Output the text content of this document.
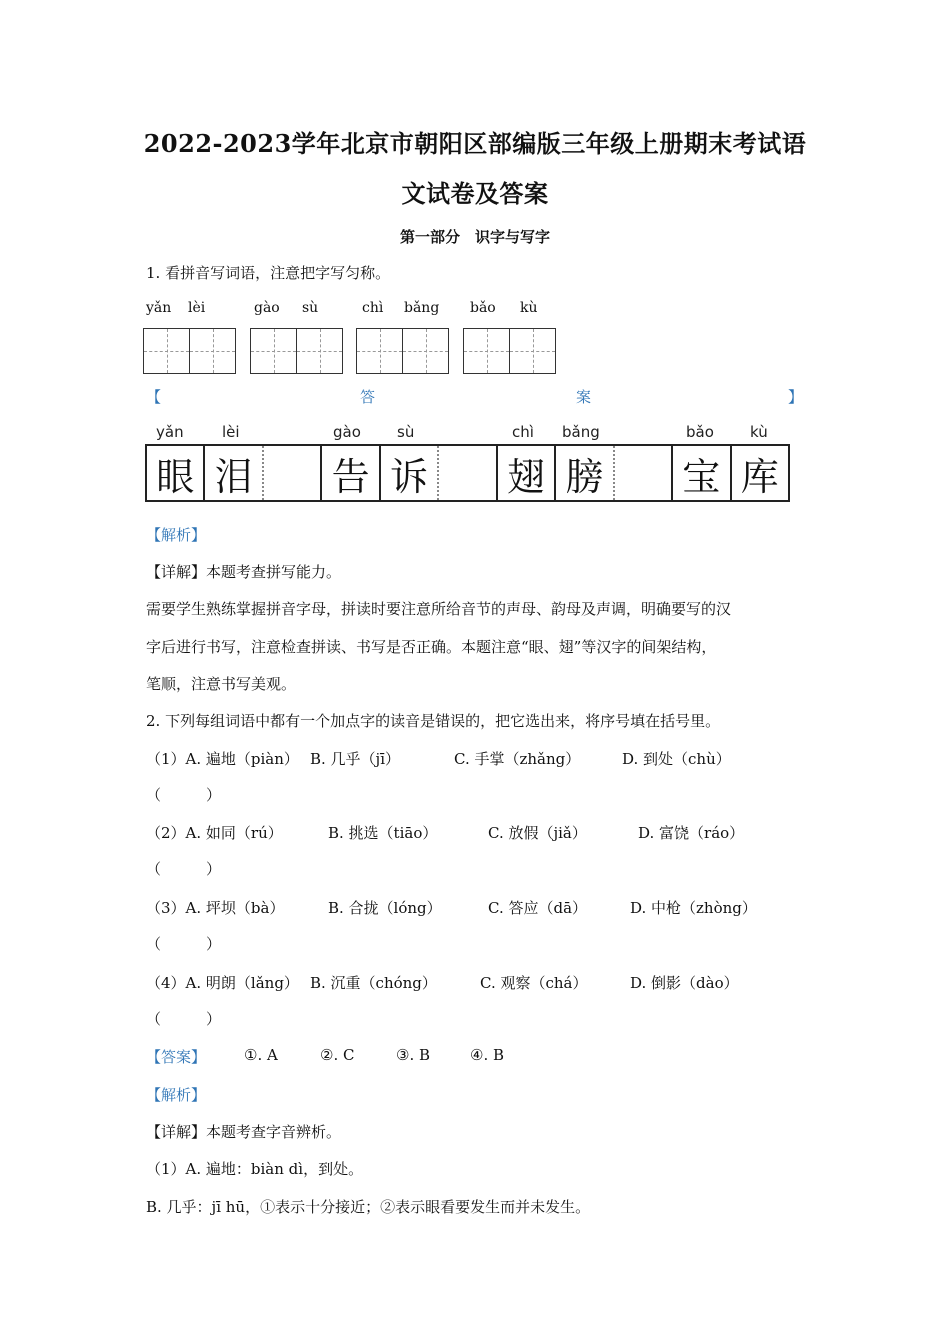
2022-2023学年北京市朝阳区部编版三年级上册期末考试语
文试卷及答案
第一部分　识字与写字
1. 看拼音写词语，注意把字写匀称。
yǎn lèi	gào sù	chì bǎng bǎo kù
【	答	案	】
yǎn	lèi	gào sù	chì bǎng	bǎo kù
眼 泪 告 诉 翅 膀 宝 库
【解析】
【详解】本题考查拼写能力。
需要学生熟练掌握拼音字母，拼读时要注意所给音节的声母、韵母及声调，明确要写的汉
字后进行书写，注意检查拼读、书写是否正确。本题注意“眼、翅”等汉字的间架结构，
笔顺，注意书写美观。
2. 下列每组词语中都有一个加点字的读音是错误的，把它选出来，将序号填在括号里。
（1）A. 遍地（piàn） B. 几乎（jī）	C. 手掌（zhǎng）	D. 到处（chù）
（　　　）
（2）A. 如同（rú）	B. 挑选（tiāo）	C. 放假（jiǎ）	D. 富饶（ráo）
（　　　）
（3）A. 坪坝（bà）	B. 合拢（lóng）	C. 答应（dā）	D. 中枪（zhòng）
（　　　）
（4）A. 明朗（lǎng） B. 沉重（chóng）	C. 观察（chá）	D. 倒影（dào）
（　　　）
【答案】	①. A	②. C	③. B	④. B
【解析】
【详解】本题考查字音辨析。
（1）A. 遍地：biàn dì，到处。
B. 几乎：jī hū，①表示十分接近；②表示眼看要发生而并未发生。
